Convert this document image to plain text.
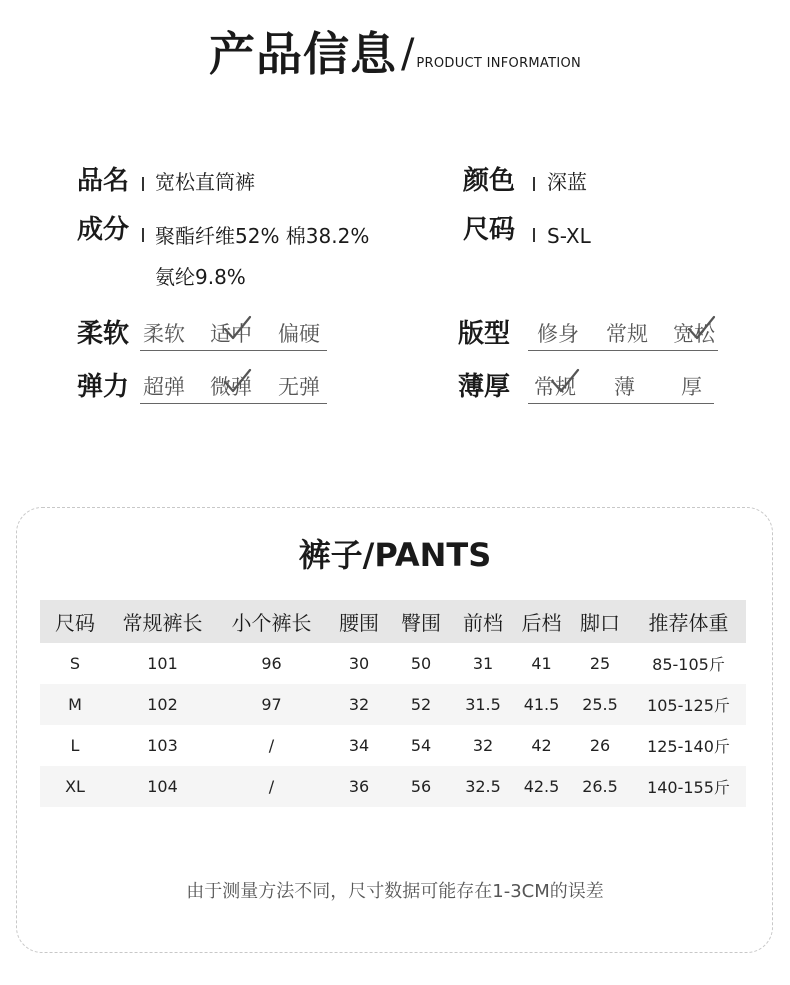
产品信息 / PRODUCT INFORMATION
品名 宽松直筒裤
成分 聚酯纤维52% 棉38.2%
氨纶9.8%
颜色 深蓝
尺码 S-XL
柔软 柔软 适中 偏硬
弹力 超弹 微弹 无弹
版型 修身 常规 宽松
薄厚 常规 薄 厚
裤子/PANTS
尺码	常规裤长	小个裤长	腰围	臀围	前档	后档	脚口	推荐体重
S	101	96	30	50	31	41	25	85-105斤
M	102	97	32	52	31.5	41.5	25.5	105-125斤
L	103	/	34	54	32	42	26	125-140斤
XL	104	/	36	56	32.5	42.5	26.5	140-155斤
由于测量方法不同，尺寸数据可能存在1-3CM的误差
